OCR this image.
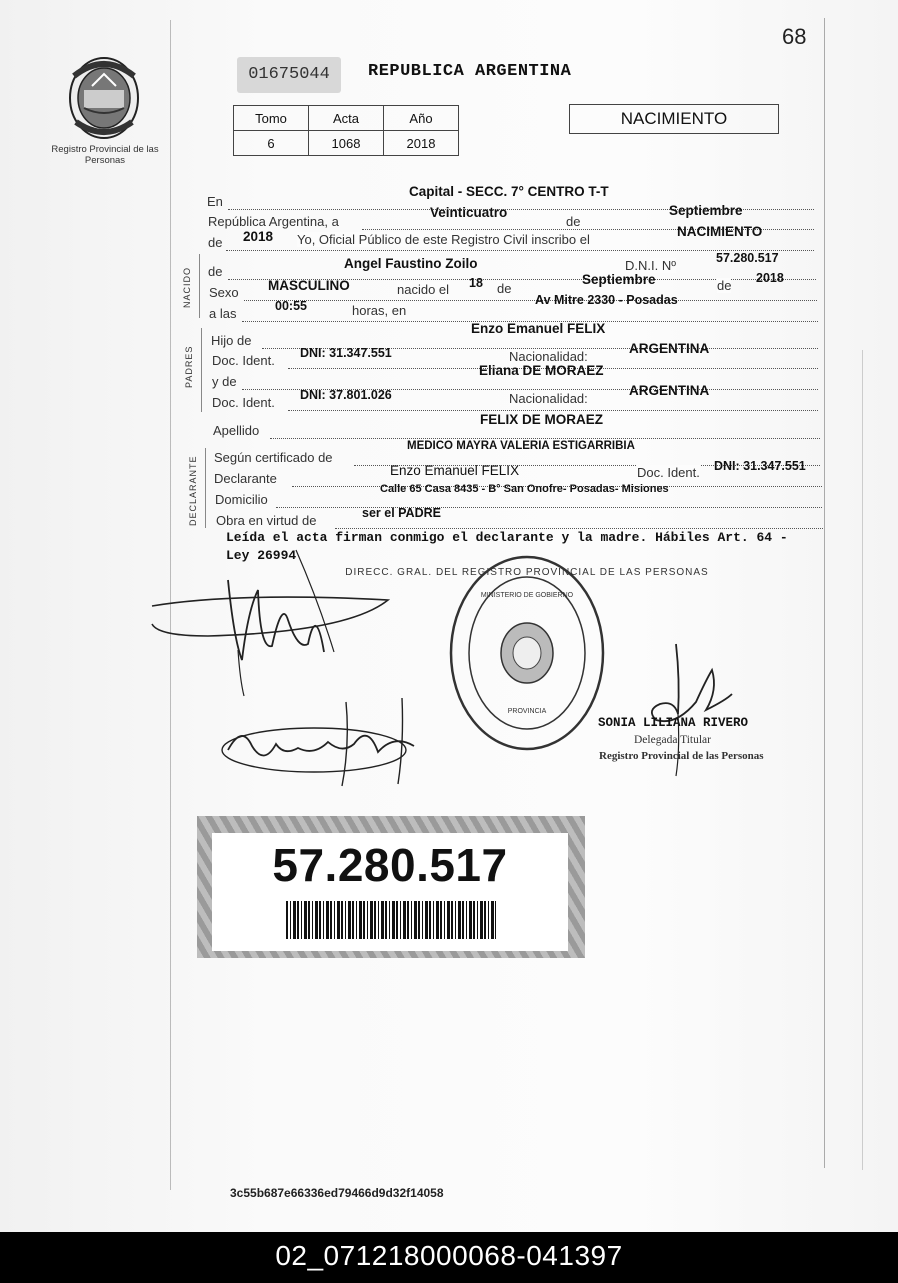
68
Registro Provincial de las Personas
01675044	REPUBLICA ARGENTINA
Tomo	Acta	Año
6	1068	2018
NACIMIENTO
En
Capital - SECC. 7° CENTRO T-T
República Argentina, a
Veinticuatro
de
Septiembre
de 2018 Yo, Oficial Público de este Registro Civil inscribo el
NACIMIENTO
NACIDO de
Angel Faustino Zoilo	D.N.I. Nº	57.280.517
Sexo MASCULINO	nacido el 18 de
Septiembre	de 2018
a las	00:55	horas, en
Av Mitre 2330 - Posadas
PADRES
Hijo de
Enzo Emanuel FELIX
Doc. Ident. DNI: 31.347.551	Nacionalidad:
ARGENTINA
y de
Eliana DE MORAEZ
Doc. Ident. DNI: 37.801.026	Nacionalidad:
ARGENTINA
Apellido
FELIX DE MORAEZ
DECLARANTE Según certificado de
MEDICO MAYRA VALERIA ESTIGARRIBIA
Declarante
Enzo Emanuel FELIX	Doc. Ident. DNI: 31.347.551
Domicilio
Calle 65 Casa 8435 - B° San Onofre- Posadas- Misiones
Obra en virtud de	ser el PADRE
Leída el acta firman conmigo el declarante y la madre. Hábiles Art. 64 - Ley 26994
DIRECC. GRAL. DEL REGISTRO PROVINCIAL DE LAS PERSONAS
MINISTERIO DE GOBIERNO
PROVINCIA
SONIA LILIANA RIVERO
Delegada Titular
Registro Provincial de las Personas
57.280.517
3c55b687e66336ed79466d9d32f14058
02_071218000068-041397
